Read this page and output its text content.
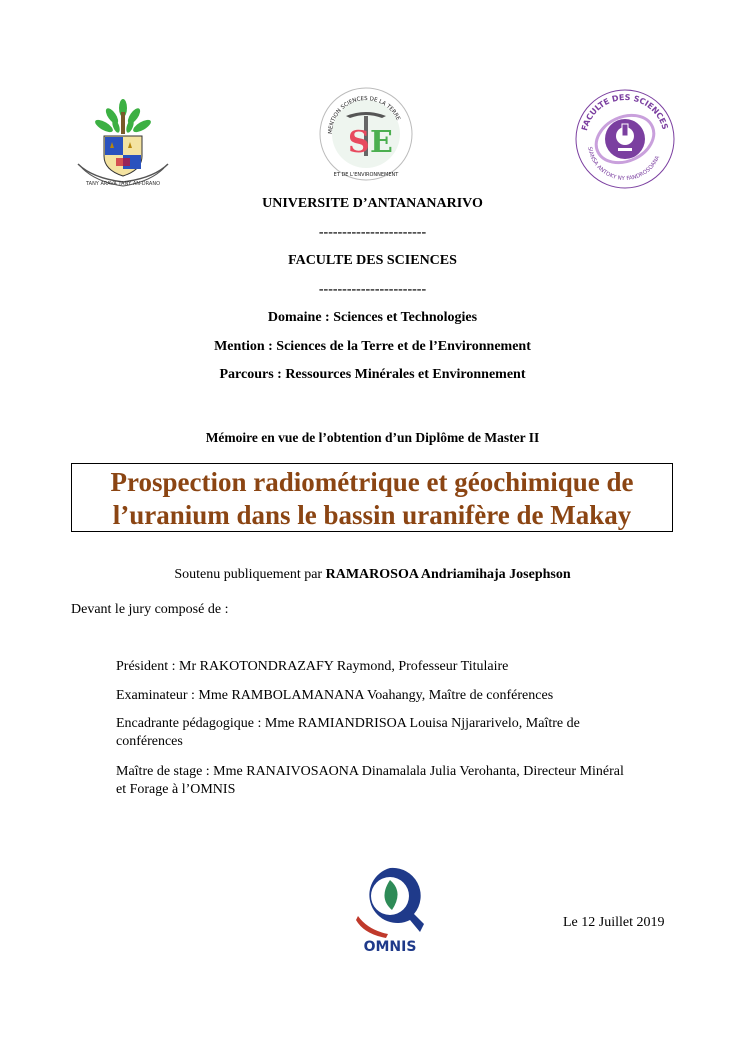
TANY ARAVA TANY AN-DRANO
MENTION SCIENCES DE LA TERRE
ET DE L'ENVIRONNEMENT
S E	FACULTE DES SCIENCES
SIANSA ANTOKY NY FANDROSOANA
UNIVERSITE D’ANTANANARIVO
-----------------------
FACULTE DES SCIENCES
-----------------------
Domaine : Sciences et Technologies
Mention : Sciences de la Terre et de l’Environnement
Parcours : Ressources Minérales et Environnement
Mémoire en vue de l’obtention d’un Diplôme de Master II
Prospection radiométrique et géochimique de
l’uranium dans le bassin uranifère de Makay
Soutenu publiquement par RAMAROSOA Andriamihaja Josephson
Devant le jury composé de :
Président : Mr RAKOTONDRAZAFY Raymond, Professeur Titulaire
Examinateur : Mme RAMBOLAMANANA Voahangy, Maître de conférences
Encadrante pédagogique : Mme RAMIANDRISOA Louisa Njjararivelo, Maître de
conférences
Maître de stage : Mme RANAIVOSAONA Dinamalala Julia Verohanta, Directeur Minéral
et Forage à l’OMNIS
OMNIS
Le 12 Juillet 2019
